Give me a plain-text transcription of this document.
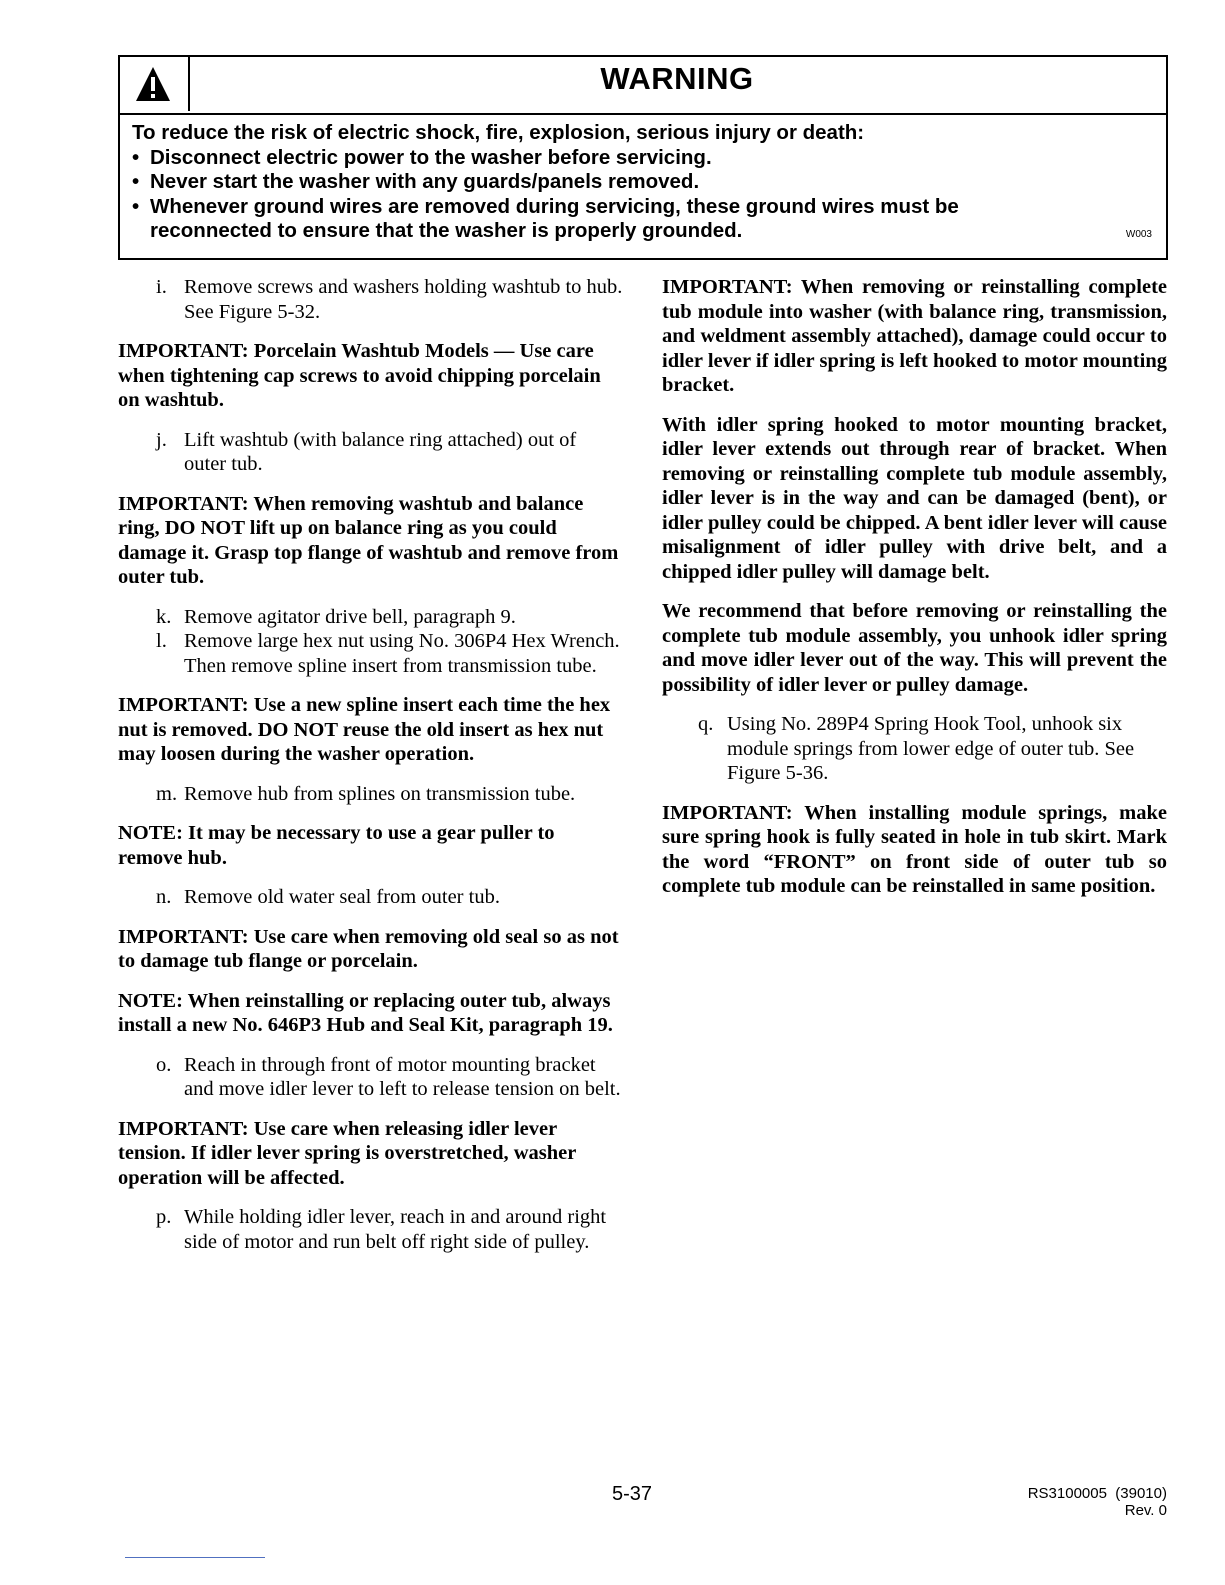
WARNING
To reduce the risk of electric shock, fire, explosion, serious injury or death:
• Disconnect electric power to the washer before servicing.
• Never start the washer with any guards/panels removed.
• Whenever ground wires are removed during servicing, these ground wires must be
reconnected to ensure that the washer is properly grounded.	W003
i. Remove screws and washers holding washtub to hub. See Figure 5-32.
IMPORTANT: Porcelain Washtub Models — Use care when tightening cap screws to avoid chipping porcelain on washtub.
j. Lift washtub (with balance ring attached) out of outer tub.
IMPORTANT: When removing washtub and balance ring, DO NOT lift up on balance ring as you could damage it. Grasp top flange of washtub and remove from outer tub.
k. Remove agitator drive bell, paragraph 9.
l. Remove large hex nut using No. 306P4 Hex Wrench. Then remove spline insert from transmission tube.
IMPORTANT: Use a new spline insert each time the hex nut is removed. DO NOT reuse the old insert as hex nut may loosen during the washer operation.
m. Remove hub from splines on transmission tube.
NOTE: It may be necessary to use a gear puller to remove hub.
n. Remove old water seal from outer tub.
IMPORTANT: Use care when removing old seal so as not to damage tub flange or porcelain.
NOTE: When reinstalling or replacing outer tub, always install a new No. 646P3 Hub and Seal Kit, paragraph 19.
o. Reach in through front of motor mounting bracket and move idler lever to left to release tension on belt.
IMPORTANT: Use care when releasing idler lever tension. If idler lever spring is overstretched, washer operation will be affected.
p. While holding idler lever, reach in and around right side of motor and run belt off right side of pulley.
IMPORTANT: When removing or reinstalling complete tub module into washer (with balance ring, transmission, and weldment assembly attached), damage could occur to idler lever if idler spring is left hooked to motor mounting bracket.
With idler spring hooked to motor mounting bracket, idler lever extends out through rear of bracket. When removing or reinstalling complete tub module assembly, idler lever is in the way and can be damaged (bent), or idler pulley could be chipped. A bent idler lever will cause misalignment of idler pulley with drive belt, and a chipped idler pulley will damage belt.
We recommend that before removing or reinstalling the complete tub module assembly, you unhook idler spring and move idler lever out of the way. This will prevent the possibility of idler lever or pulley damage.
q. Using No. 289P4 Spring Hook Tool, unhook six module springs from lower edge of outer tub. See Figure 5-36.
IMPORTANT: When installing module springs, make sure spring hook is fully seated in hole in tub skirt. Mark the word “FRONT” on front side of outer tub so complete tub module can be reinstalled in same position.
5-37	RS3100005  (39010)
Rev. 0
